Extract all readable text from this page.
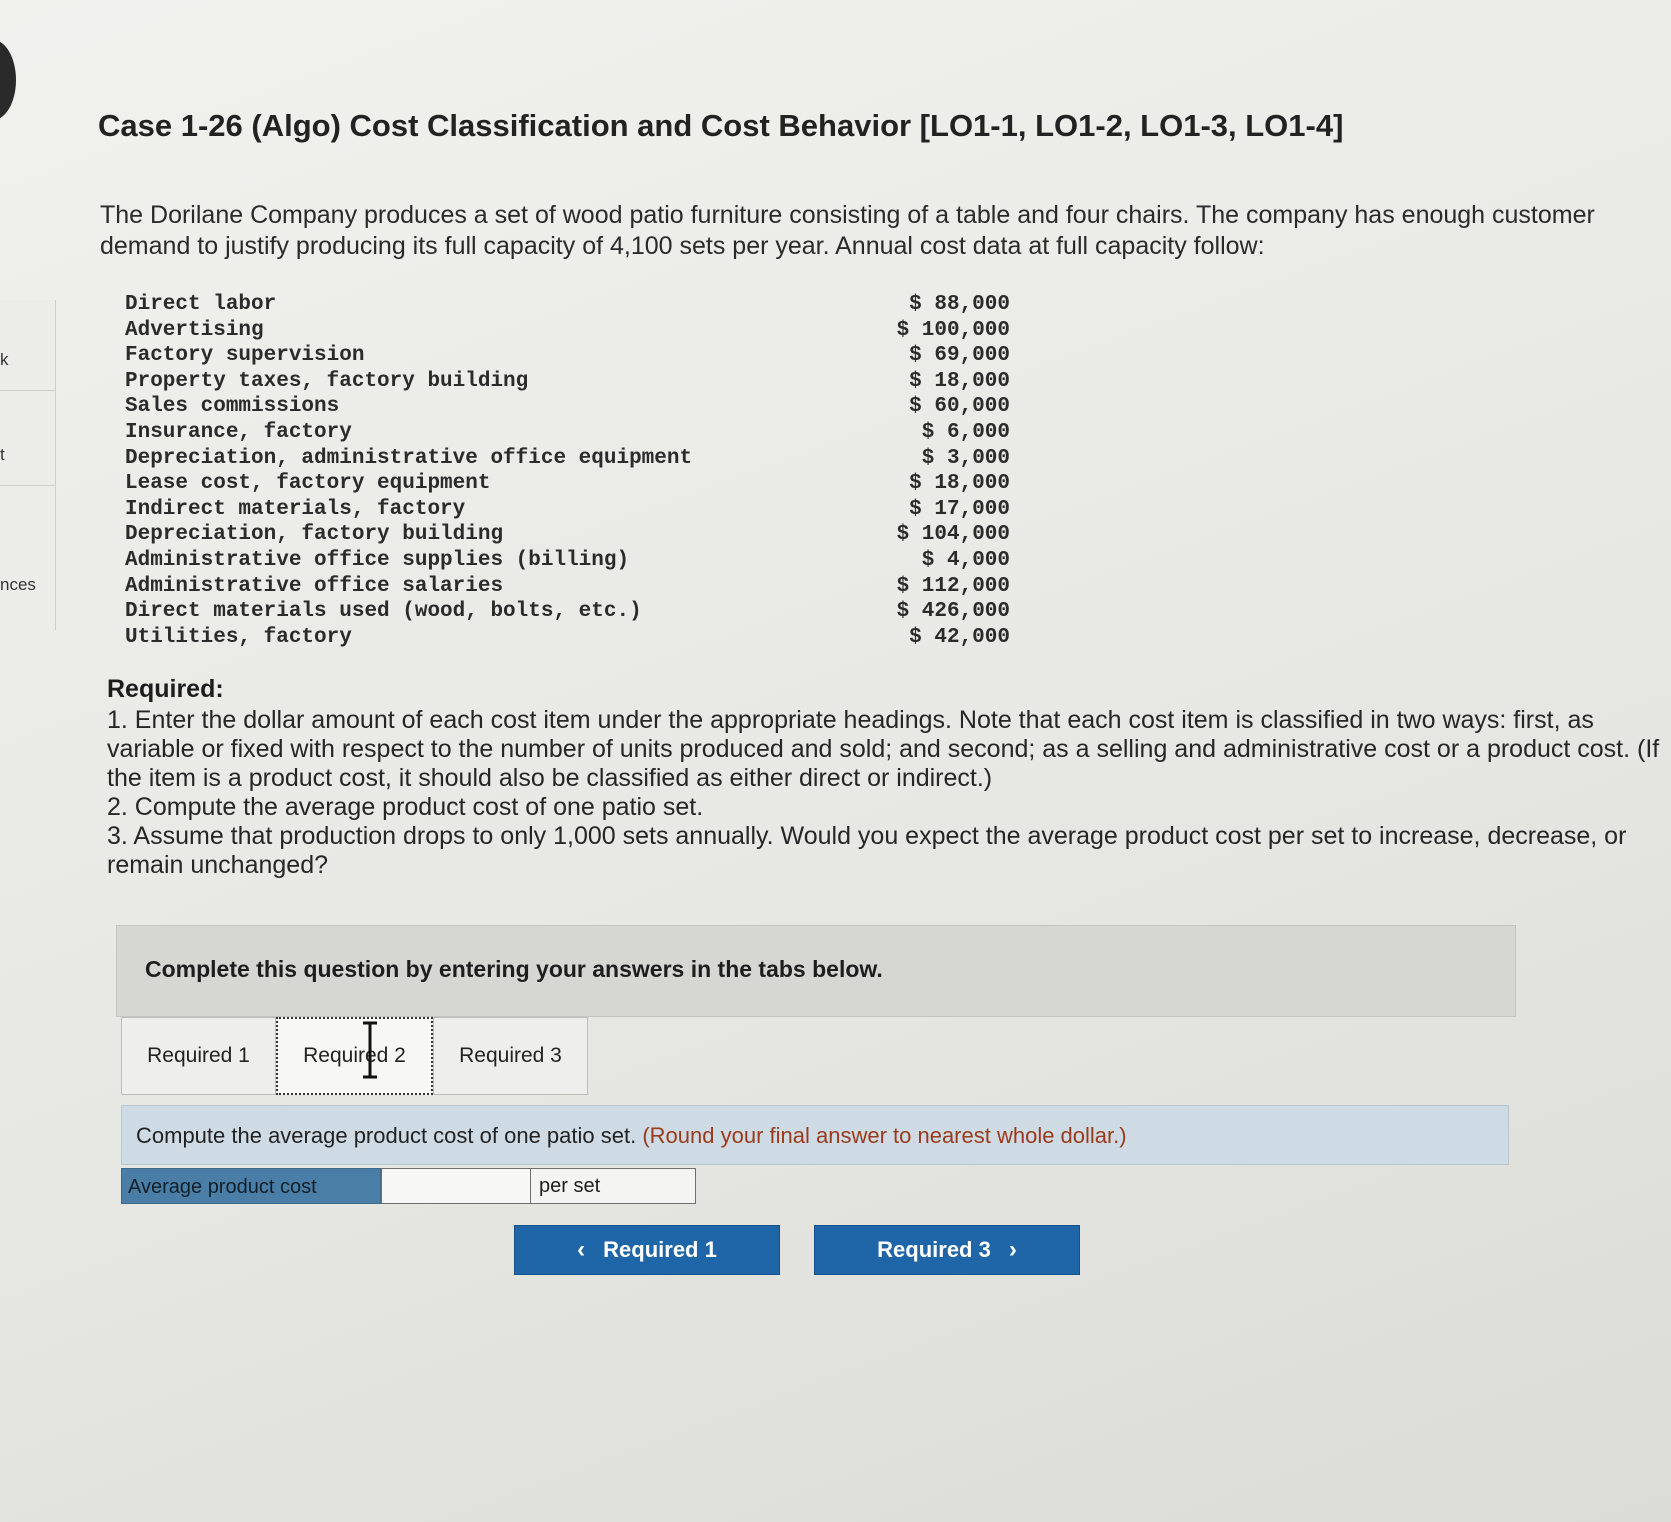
k
t
nces
Case 1-26 (Algo) Cost Classification and Cost Behavior [LO1-1, LO1-2, LO1-3, LO1-4]

The Dorilane Company produces a set of wood patio furniture consisting of a table and four chairs. The company has enough customer demand to justify producing its full capacity of 4,100 sets per year. Annual cost data at full capacity follow:

Direct labor	$ 88,000
Advertising	$ 100,000
Factory supervision	$ 69,000
Property taxes, factory building	$ 18,000
Sales commissions	$ 60,000
Insurance, factory	$ 6,000
Depreciation, administrative office equipment	$ 3,000
Lease cost, factory equipment	$ 18,000
Indirect materials, factory	$ 17,000
Depreciation, factory building	$ 104,000
Administrative office supplies (billing)	$ 4,000
Administrative office salaries	$ 112,000
Direct materials used (wood, bolts, etc.)	$ 426,000
Utilities, factory	$ 42,000

Required:

1. Enter the dollar amount of each cost item under the appropriate headings. Note that each cost item is classified in two ways: first, as variable or fixed with respect to the number of units produced and sold; and second; as a selling and administrative cost or a product cost. (If the item is a product cost, it should also be classified as either direct or indirect.)

2. Compute the average product cost of one patio set.

3. Assume that production drops to only 1,000 sets annually. Would you expect the average product cost per set to increase, decrease, or remain unchanged?

Complete this question by entering your answers in the tabs below.
Required 1	Required 2	Required 3
Compute the average product cost of one patio set. (Round your final answer to nearest whole dollar.)
Average product cost	per set
‹ Required 1	Required 3 ›
